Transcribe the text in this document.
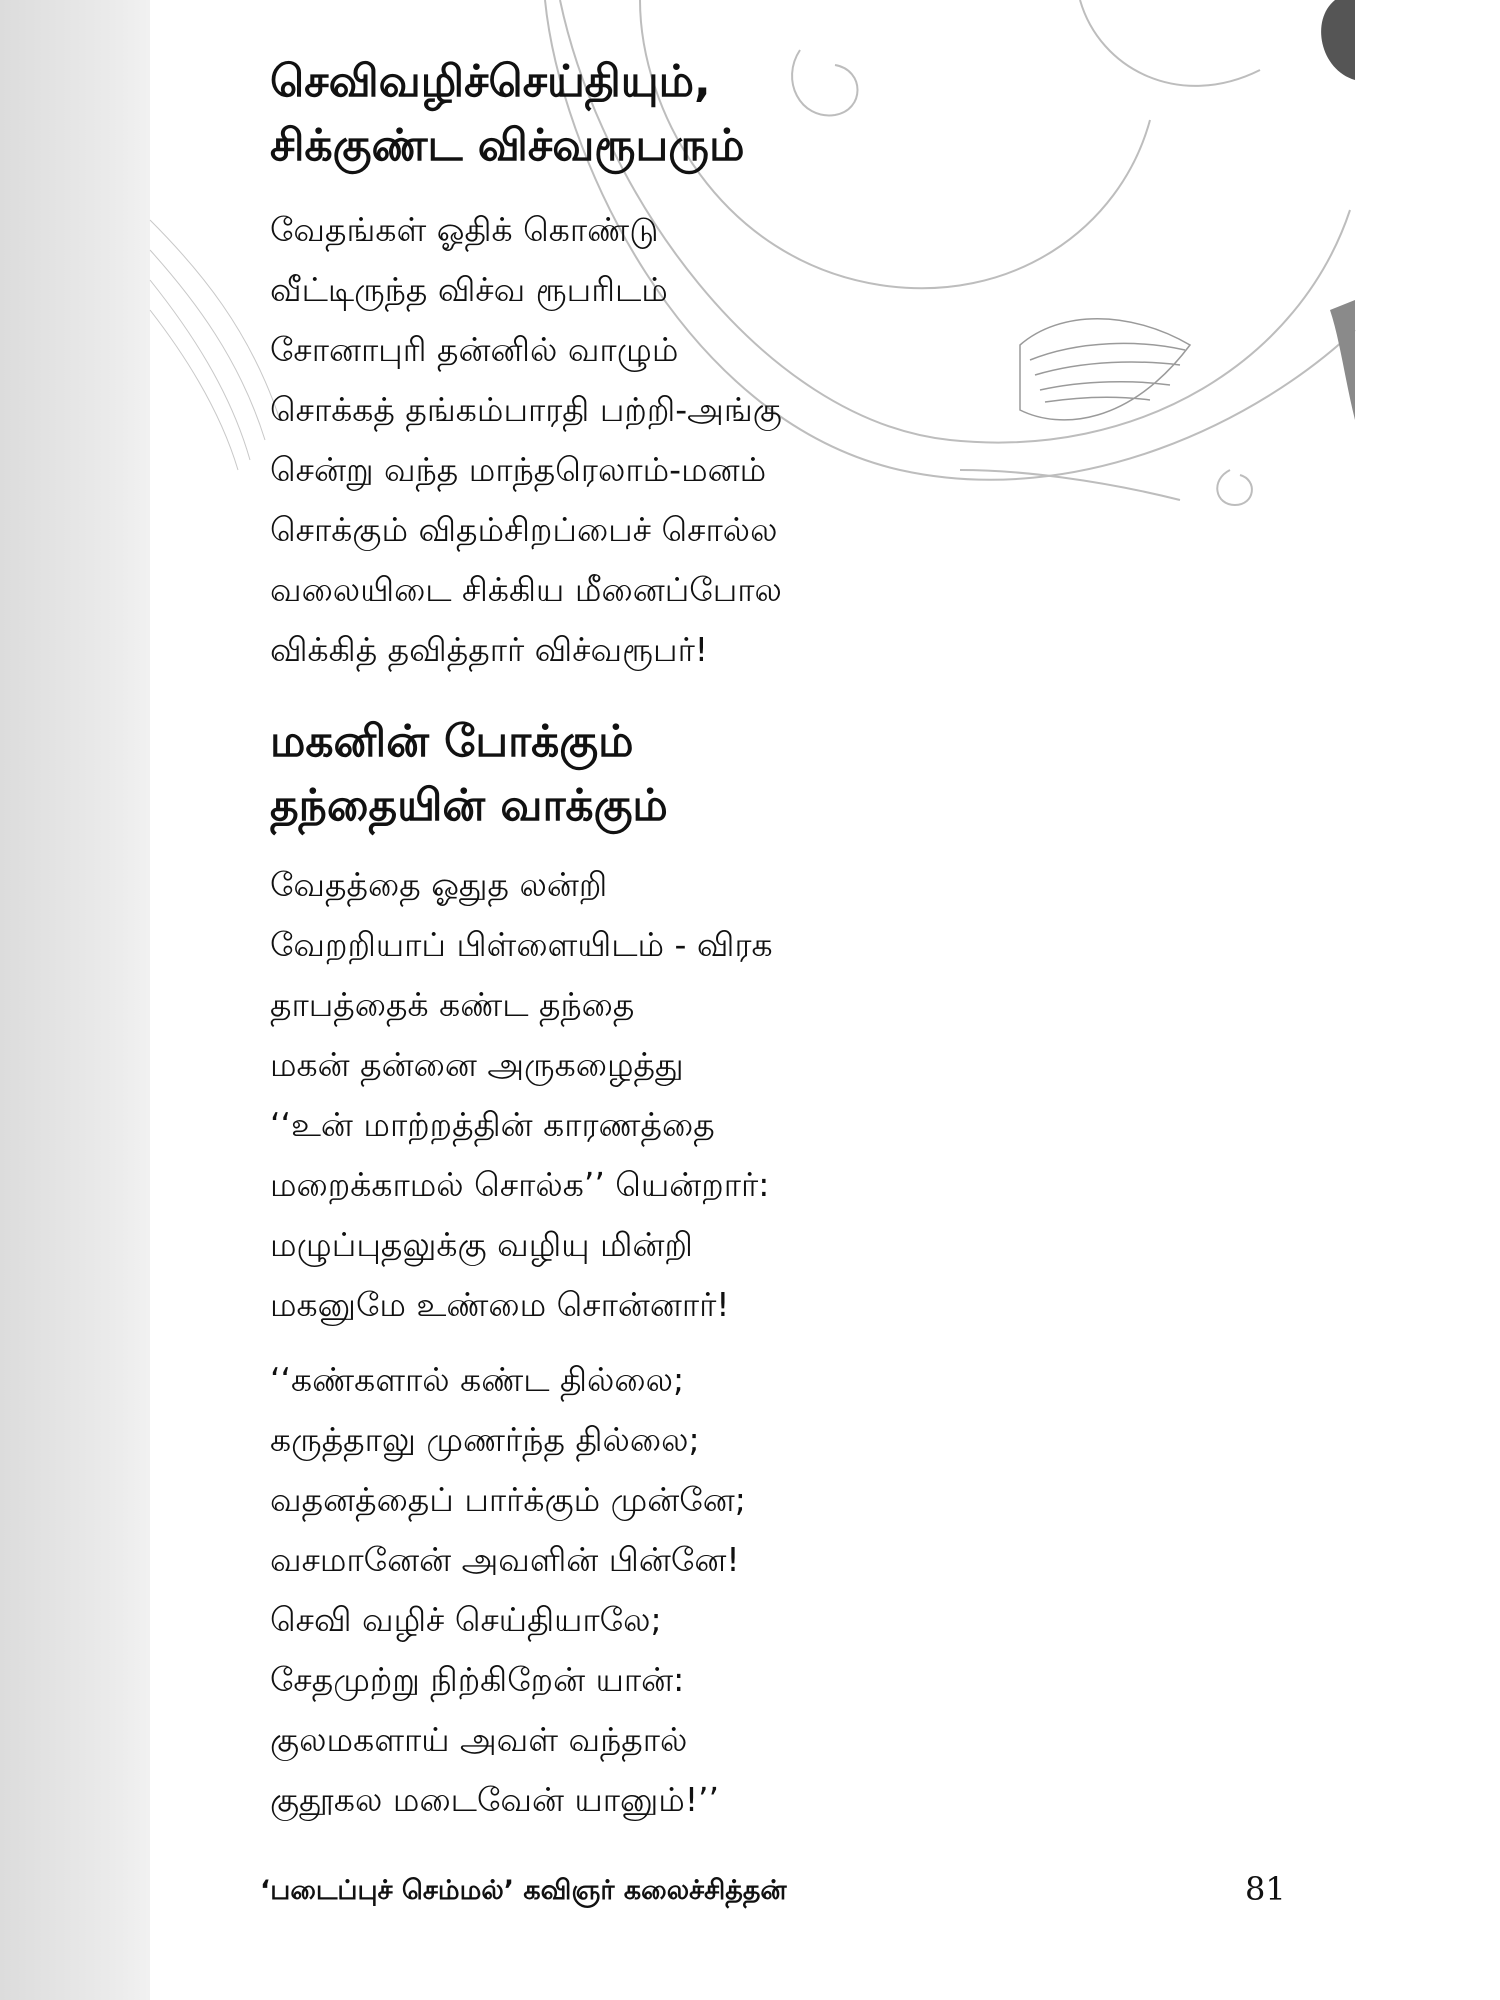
செவிவழிச்செய்தியும்,
சிக்குண்ட விச்வரூபரும்
வேதங்கள் ஓதிக் கொண்டு
வீட்டிருந்த விச்வ ரூபரிடம்
சோனாபுரி தன்னில் வாழும்
சொக்கத் தங்கம்பாரதி பற்றி-அங்கு
சென்று வந்த மாந்தரெலாம்-மனம்
சொக்கும் விதம்சிறப்பைச் சொல்ல
வலையிடை சிக்கிய மீனைப்போல
விக்கித் தவித்தார் விச்வரூபர்!
மகனின் போக்கும்
தந்தையின் வாக்கும்
வேதத்தை ஓதுத லன்றி
வேறறியாப் பிள்ளையிடம் - விரக
தாபத்தைக் கண்ட தந்தை
மகன் தன்னை அருகழைத்து
‘‘உன் மாற்றத்தின் காரணத்தை
மறைக்காமல் சொல்க’’ யென்றார்:
மழுப்புதலுக்கு வழியு மின்றி
மகனுமே உண்மை சொன்னார்!
‘‘கண்களால் கண்ட தில்லை;
கருத்தாலு முணர்ந்த தில்லை;
வதனத்தைப் பார்க்கும் முன்னே;
வசமானேன் அவளின் பின்னே!
செவி வழிச் செய்தியாலே;
சேதமுற்று நிற்கிறேன் யான்:
குலமகளாய் அவள் வந்தால்
குதூகல மடைவேன் யானும்!’’
‘படைப்புச் செம்மல்’ கவிஞர் கலைச்சித்தன்	81
